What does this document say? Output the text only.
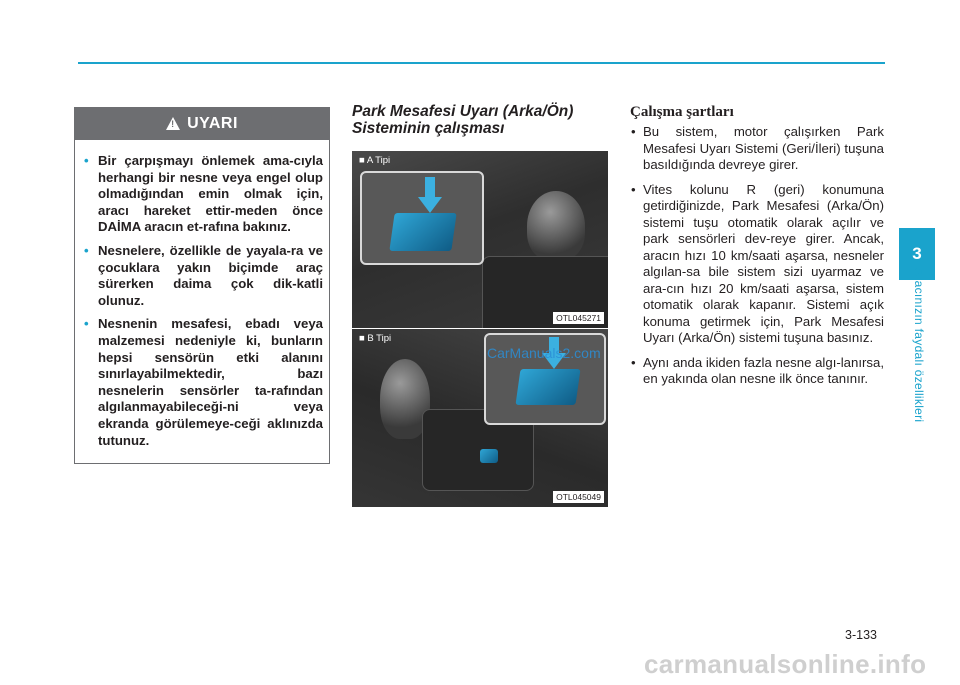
!
UYARI
• Bir çarpışmayı önlemek ama-cıyla herhangi bir nesne veya engel olup olmadığından emin olmak için, aracı hareket ettir-meden önce DAİMA aracın et-rafına bakınız.
• Nesnelere, özellikle de yayala-ra ve çocuklara yakın biçimde araç sürerken daima çok dik-katli olunuz.
• Nesnenin mesafesi, ebadı veya malzemesi nedeniyle ki, bunların hepsi sensörün etki alanını sınırlayabilmektedir, bazı nesnelerin sensörler ta-rafından algılanmayabileceği-ni veya ekranda görülemeye-ceği aklınızda tutunuz.
Park Mesafesi Uyarı (Arka/Ön) Sisteminin çalışması
■ A Tipi
OTL045271
■ B Tipi
OTL045049
CarManuals2.com
Çalışma şartları
• Bu sistem, motor çalışırken Park Mesafesi Uyarı Sistemi (Geri/İleri) tuşuna basıldığında devreye girer.
• Vites kolunu R (geri) konumuna getirdiğinizde, Park Mesafesi (Arka/Ön) sistemi tuşu otomatik olarak açılır ve park sensörleri dev-reye girer. Ancak, aracın hızı 10 km/saati aşarsa, nesneler algılan-sa bile sistem sizi uyarmaz ve ara-cın hızı 20 km/saati aşarsa, sistem otomatik olarak kapanır. Sistemi açık konuma getirmek için, Park Mesafesi Uyarı (Arka/Ön) sistemi tuşuna basınız.
• Aynı anda ikiden fazla nesne algı-lanırsa, en yakında olan nesne ilk önce tanınır.
3
Aracınızın faydalı özellikleri
3-133
carmanualsonline.info
